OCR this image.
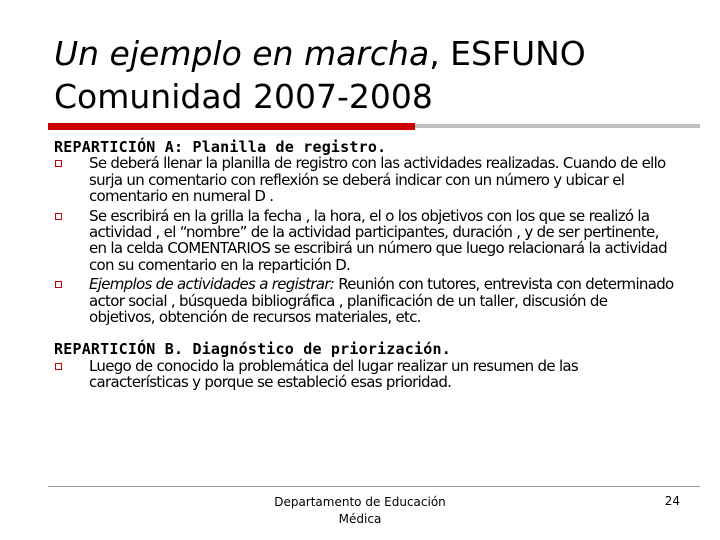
Un ejemplo en marcha, ESFUNO Comunidad 2007-2008
REPARTICIÓN A: Planilla de registro.
Se deberá llenar la planilla de registro con las actividades realizadas. Cuando de ello surja un comentario con reflexión se deberá indicar con un número y ubicar el comentario en numeral D .
Se escribirá en la grilla la fecha , la hora, el o los objetivos con los que se realizó la actividad , el “nombre” de la actividad participantes, duración , y de ser pertinente, en la celda COMENTARIOS se escribirá un número que luego relacionará la actividad con su comentario en la repartición D.
Ejemplos de actividades a registrar: Reunión con tutores, entrevista con determinado actor social , búsqueda bibliográfica , planificación de un taller, discusión de objetivos, obtención de recursos materiales, etc.
REPARTICIÓN B. Diagnóstico de priorización.
Luego de conocido la problemática del lugar realizar un resumen de las características y porque se estableció esas prioridad.
Departamento de Educación Médica
24
